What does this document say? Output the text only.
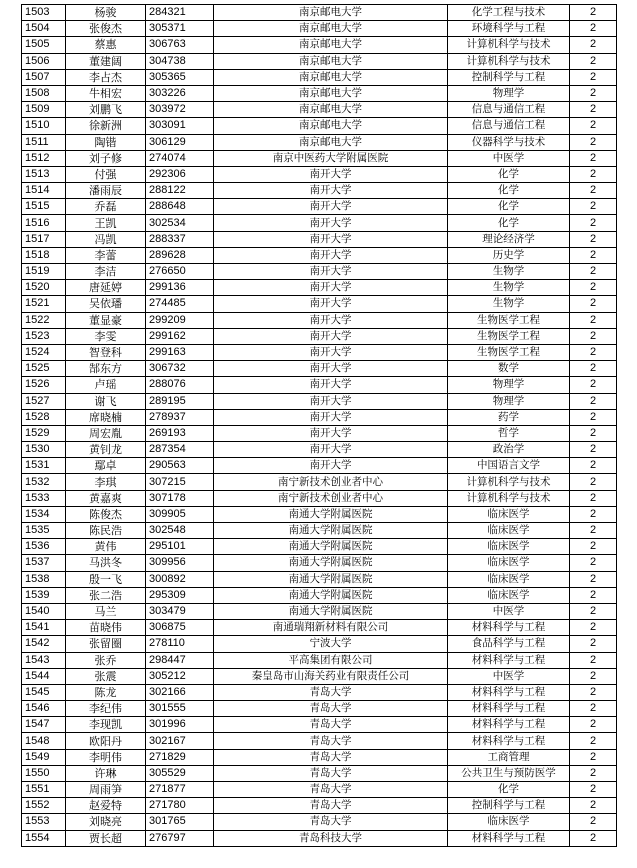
1503	杨骏	284321	南京邮电大学	化学工程与技术	2
1504	张俊杰	305371	南京邮电大学	环境科学与工程	2
1505	蔡惠	306763	南京邮电大学	计算机科学与技术	2
1506	董建阔	304738	南京邮电大学	计算机科学与技术	2
1507	李占杰	305365	南京邮电大学	控制科学与工程	2
1508	牛相宏	303226	南京邮电大学	物理学	2
1509	刘鹏飞	303972	南京邮电大学	信息与通信工程	2
1510	徐新洲	303091	南京邮电大学	信息与通信工程	2
1511	陶锴	306129	南京邮电大学	仪器科学与技术	2
1512	刘子修	274074	南京中医药大学附属医院	中医学	2
1513	付强	292306	南开大学	化学	2
1514	潘雨辰	288122	南开大学	化学	2
1515	乔磊	288648	南开大学	化学	2
1516	王凯	302534	南开大学	化学	2
1517	冯凯	288337	南开大学	理论经济学	2
1518	李蕾	289628	南开大学	历史学	2
1519	李洁	276650	南开大学	生物学	2
1520	唐延婷	299136	南开大学	生物学	2
1521	吴依璠	274485	南开大学	生物学	2
1522	董显豪	299209	南开大学	生物医学工程	2
1523	李雯	299162	南开大学	生物医学工程	2
1524	智登科	299163	南开大学	生物医学工程	2
1525	郜东方	306732	南开大学	数学	2
1526	卢瑶	288076	南开大学	物理学	2
1527	谢飞	289195	南开大学	物理学	2
1528	席晓楠	278937	南开大学	药学	2
1529	周宏胤	269193	南开大学	哲学	2
1530	黄钊龙	287354	南开大学	政治学	2
1531	鄢卓	290563	南开大学	中国语言文学	2
1532	李琪	307215	南宁新技术创业者中心	计算机科学与技术	2
1533	黄嘉爽	307178	南宁新技术创业者中心	计算机科学与技术	2
1534	陈俊杰	309905	南通大学附属医院	临床医学	2
1535	陈民浩	302548	南通大学附属医院	临床医学	2
1536	黄伟	295101	南通大学附属医院	临床医学	2
1537	马洪冬	309956	南通大学附属医院	临床医学	2
1538	殷一飞	300892	南通大学附属医院	临床医学	2
1539	张二浩	295309	南通大学附属医院	临床医学	2
1540	马兰	303479	南通大学附属医院	中医学	2
1541	苗晓伟	306875	南通瑞翔新材料有限公司	材料科学与工程	2
1542	张留圈	278110	宁波大学	食品科学与工程	2
1543	张乔	298447	平高集团有限公司	材料科学与工程	2
1544	张震	305212	秦皇岛市山海关药业有限责任公司	中医学	2
1545	陈龙	302166	青岛大学	材料科学与工程	2
1546	李纪伟	301555	青岛大学	材料科学与工程	2
1547	李现凯	301996	青岛大学	材料科学与工程	2
1548	欧阳丹	302167	青岛大学	材料科学与工程	2
1549	李明伟	271829	青岛大学	工商管理	2
1550	许琳	305529	青岛大学	公共卫生与预防医学	2
1551	周雨笋	271877	青岛大学	化学	2
1552	赵爱特	271780	青岛大学	控制科学与工程	2
1553	刘晓亮	301765	青岛大学	临床医学	2
1554	贾长超	276797	青岛科技大学	材料科学与工程	2
